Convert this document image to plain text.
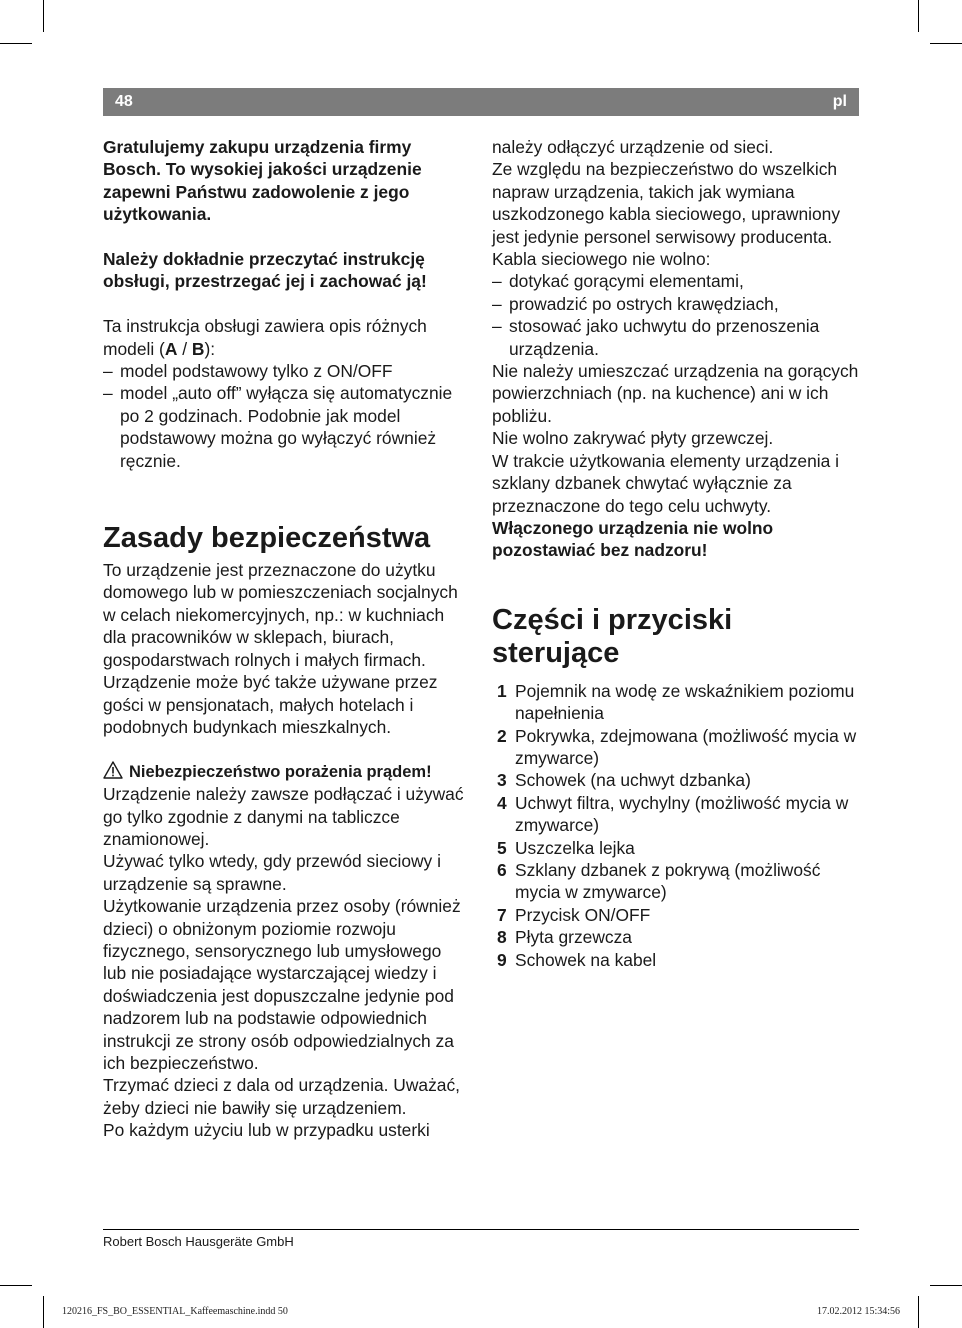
48	pl

Gratulujemy zakupu urządzenia firmy Bosch. To wysokiej jakości urządzenie zapewni Państwu zadowolenie z jego użytkowania.

Należy dokładnie przeczytać instrukcję obsługi, przestrzegać jej i zachować ją!

Ta instrukcja obsługi zawiera opis różnych modeli (A / B):

– model podstawowy tylko z ON/OFF

– model „auto off” wyłącza się automatycznie po 2 godzinach. Podobnie jak model podstawowy można go wyłączyć również ręcznie.

Zasady bezpieczeństwa

To urządzenie jest przeznaczone do użytku domowego lub w pomieszczeniach socjalnych w celach niekomercyjnych, np.: w kuchniach dla pracowników w sklepach, biurach, gospodarstwach rolnych i małych firmach. Urządzenie może być także używane przez gości w pensjonatach, małych hotelach i podobnych budynkach mieszkalnych.

Niebezpieczeństwo porażenia prądem!

Urządzenie należy zawsze podłączać i używać go tylko zgodnie z danymi na tabliczce znamionowej.

Używać tylko wtedy, gdy przewód sieciowy i urządzenie są sprawne.

Użytkowanie urządzenia przez osoby (również dzieci) o obniżonym poziomie rozwoju fizycznego, sensorycznego lub umysłowego lub nie posiadające wystarczającej wiedzy i doświadczenia jest dopuszczalne jedynie pod nadzorem lub na podstawie odpowiednich instrukcji ze strony osób odpowiedzialnych za ich bezpieczeństwo.

Trzymać dzieci z dala od urządzenia. Uważać, żeby dzieci nie bawiły się urządzeniem.

Po każdym użyciu lub w przypadku usterki

należy odłączyć urządzenie od sieci.

Ze względu na bezpieczeństwo do wszelkich napraw urządzenia, takich jak wymiana uszkodzonego kabla sieciowego, uprawniony jest jedynie personel serwisowy producenta.

Kabla sieciowego nie wolno:

– dotykać gorącymi elementami,

– prowadzić po ostrych krawędziach,

– stosować jako uchwytu do przenoszenia urządzenia.

Nie należy umieszczać urządzenia na gorących powierzchniach (np. na kuchence) ani w ich pobliżu.

Nie wolno zakrywać płyty grzewczej.

W trakcie użytkowania elementy urządzenia i szklany dzbanek chwytać wyłącznie za przeznaczone do tego celu uchwyty.

Włączonego urządzenia nie wolno pozostawiać bez nadzoru!

Części i przyciski sterujące

1 Pojemnik na wodę ze wskaźnikiem poziomu napełnienia

2 Pokrywka, zdejmowana (możliwość mycia w zmywarce)

3 Schowek (na uchwyt dzbanka)

4 Uchwyt filtra, wychylny (możliwość mycia w zmywarce)

5 Uszczelka lejka

6 Szklany dzbanek z pokrywą (możliwość mycia w zmywarce)

7 Przycisk ON/OFF

8 Płyta grzewcza

9 Schowek na kabel

Robert Bosch Hausgeräte GmbH
120216_FS_BO_ESSENTIAL_Kaffeemaschine.indd 50	17.02.2012 15:34:56
